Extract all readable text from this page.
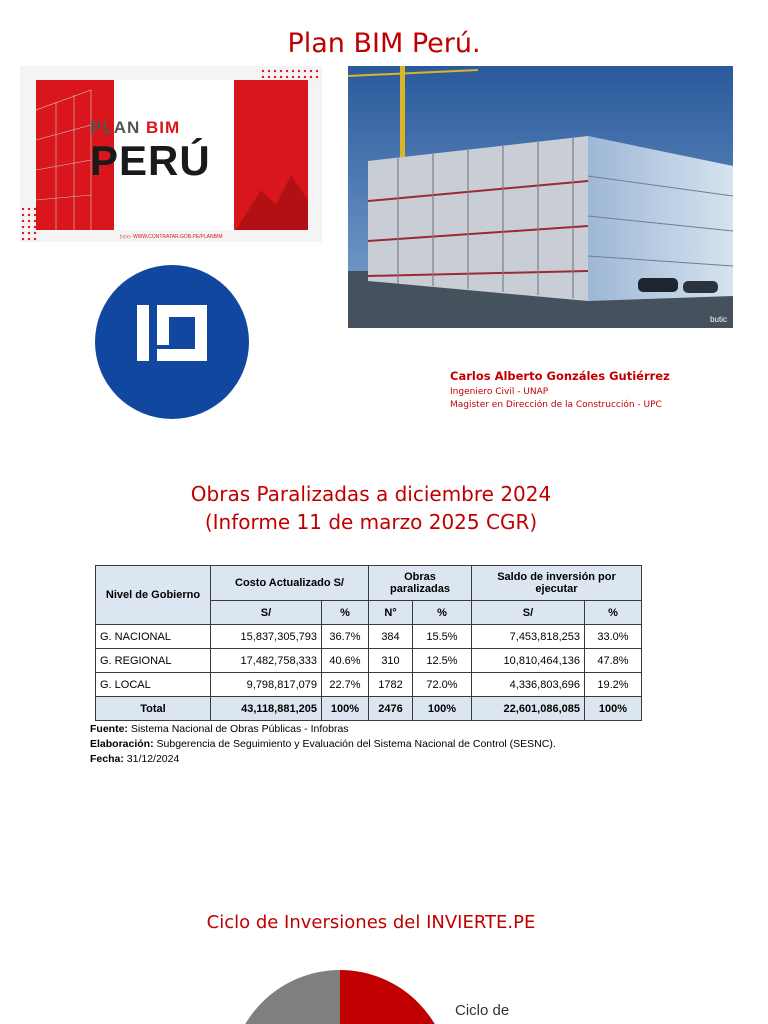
Plan BIM Perú.
PLAN BIM
PERÚ
▷▷▷ WWW.CONTRATAR.GOB.PE/PLANBIM
butic
Carlos Alberto Gonzáles Gutiérrez
Ingeniero Civil - UNAP
Magister en Dirección de la Construcción - UPC
Obras Paralizadas a diciembre 2024
(Informe 11 de marzo 2025 CGR)
Nivel de Gobierno	Costo Actualizado S/		Obras paralizadas		Saldo de inversión por ejecutar	
	S/	%	N°	%	S/	%
G. NACIONAL	15,837,305,793	36.7%	384	15.5%	7,453,818,253	33.0%
G. REGIONAL	17,482,758,333	40.6%	310	12.5%	10,810,464,136	47.8%
G. LOCAL	9,798,817,079	22.7%	1782	72.0%	4,336,803,696	19.2%
Total	43,118,881,205	100%	2476	100%	22,601,086,085	100%
Fuente: Sistema Nacional de Obras Públicas - Infobras
Elaboración: Subgerencia de Seguimiento y Evaluación del Sistema Nacional de Control (SESNC).
Fecha: 31/12/2024
Ciclo de Inversiones del INVIERTE.PE
Ciclo de
